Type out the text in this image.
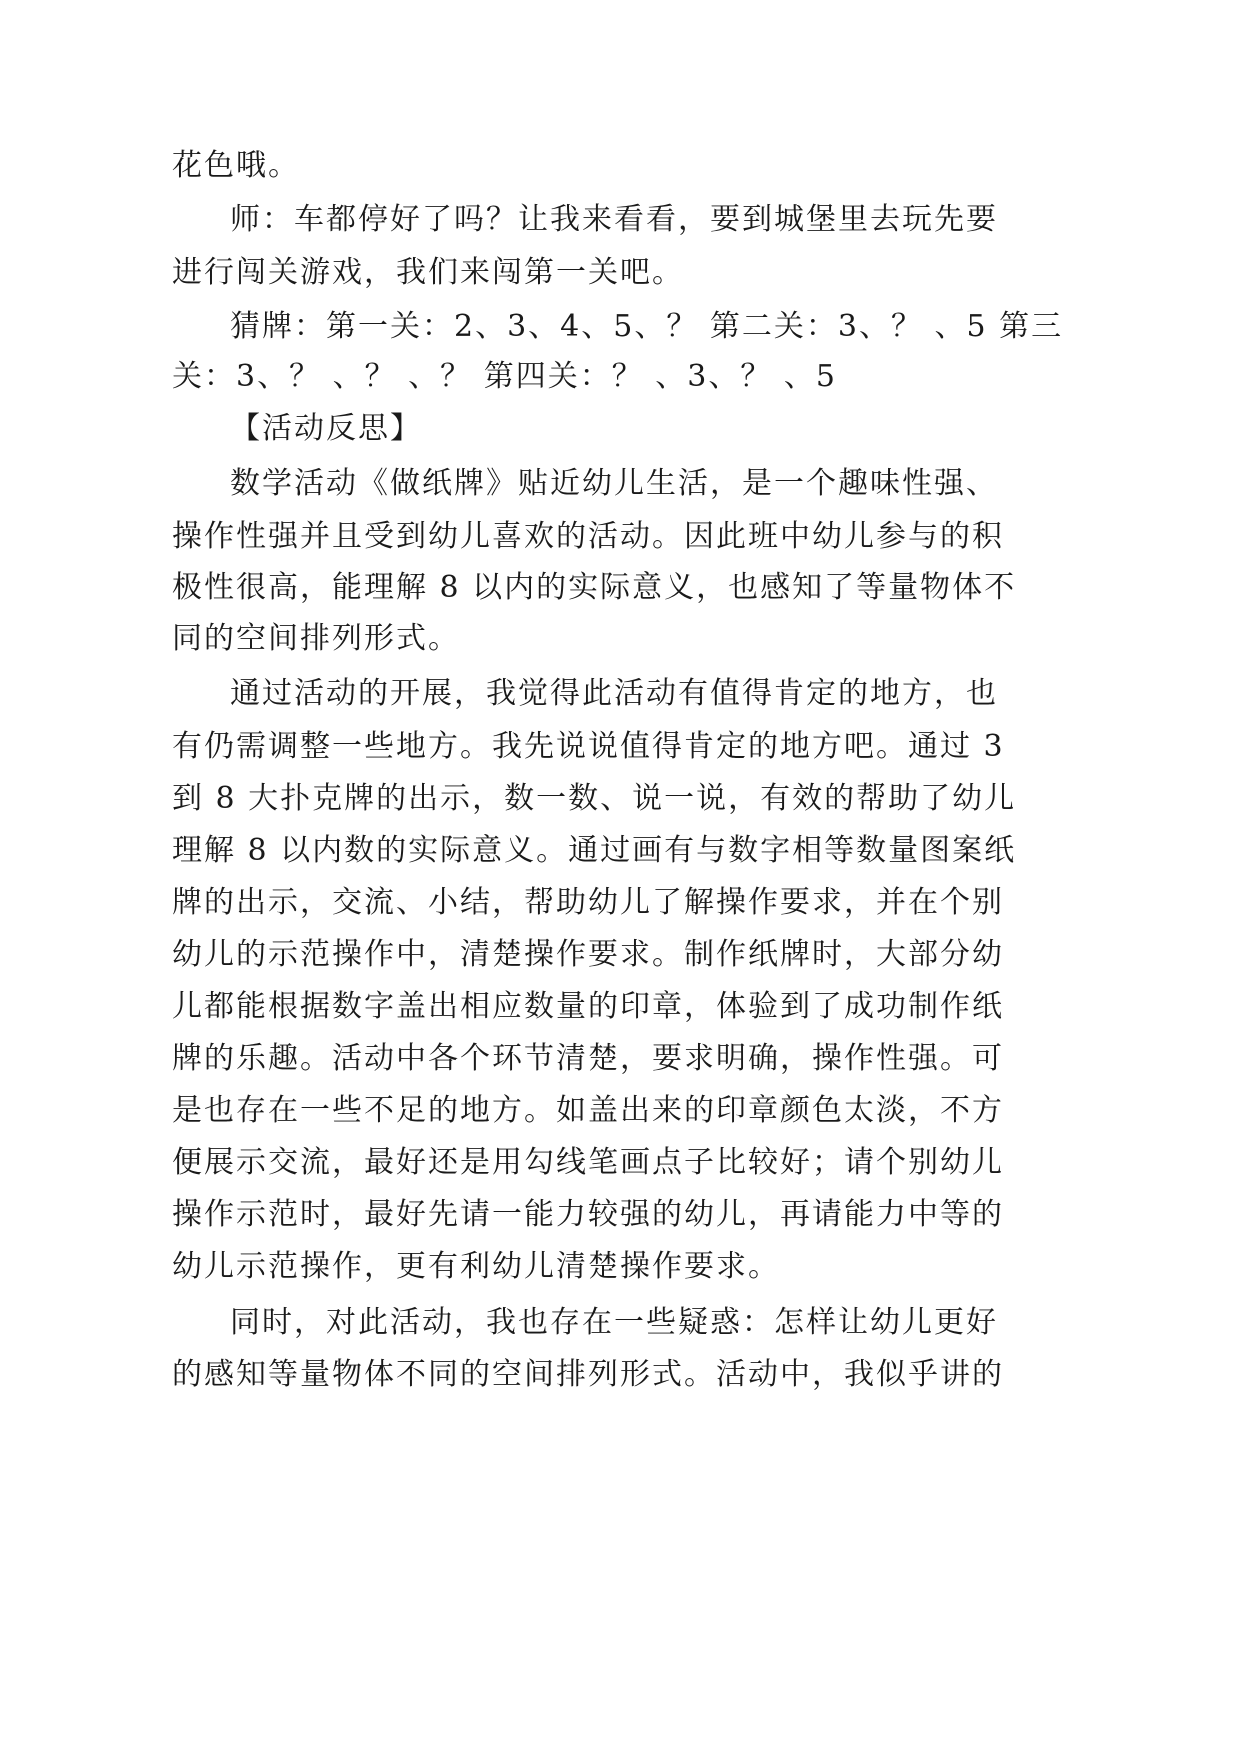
花色哦。
师：车都停好了吗？让我来看看，要到城堡里去玩先要
进行闯关游戏，我们来闯第一关吧。
猜牌：第一关：2、3、4、5、？ 第二关：3、？ 、5 第三
关：3、？ 、？ 、？ 第四关：？ 、3、？ 、5
【活动反思】
数学活动《做纸牌》贴近幼儿生活，是一个趣味性强、
操作性强并且受到幼儿喜欢的活动。因此班中幼儿参与的积
极性很高，能理解 8 以内的实际意义，也感知了等量物体不
同的空间排列形式。
通过活动的开展，我觉得此活动有值得肯定的地方，也
有仍需调整一些地方。我先说说值得肯定的地方吧。通过 3
到 8 大扑克牌的出示，数一数、说一说，有效的帮助了幼儿
理解 8 以内数的实际意义。通过画有与数字相等数量图案纸
牌的出示，交流、小结，帮助幼儿了解操作要求，并在个别
幼儿的示范操作中，清楚操作要求。制作纸牌时，大部分幼
儿都能根据数字盖出相应数量的印章，体验到了成功制作纸
牌的乐趣。活动中各个环节清楚，要求明确，操作性强。可
是也存在一些不足的地方。如盖出来的印章颜色太淡，不方
便展示交流，最好还是用勾线笔画点子比较好；请个别幼儿
操作示范时，最好先请一能力较强的幼儿，再请能力中等的
幼儿示范操作，更有利幼儿清楚操作要求。
同时，对此活动，我也存在一些疑惑：怎样让幼儿更好
的感知等量物体不同的空间排列形式。活动中，我似乎讲的
